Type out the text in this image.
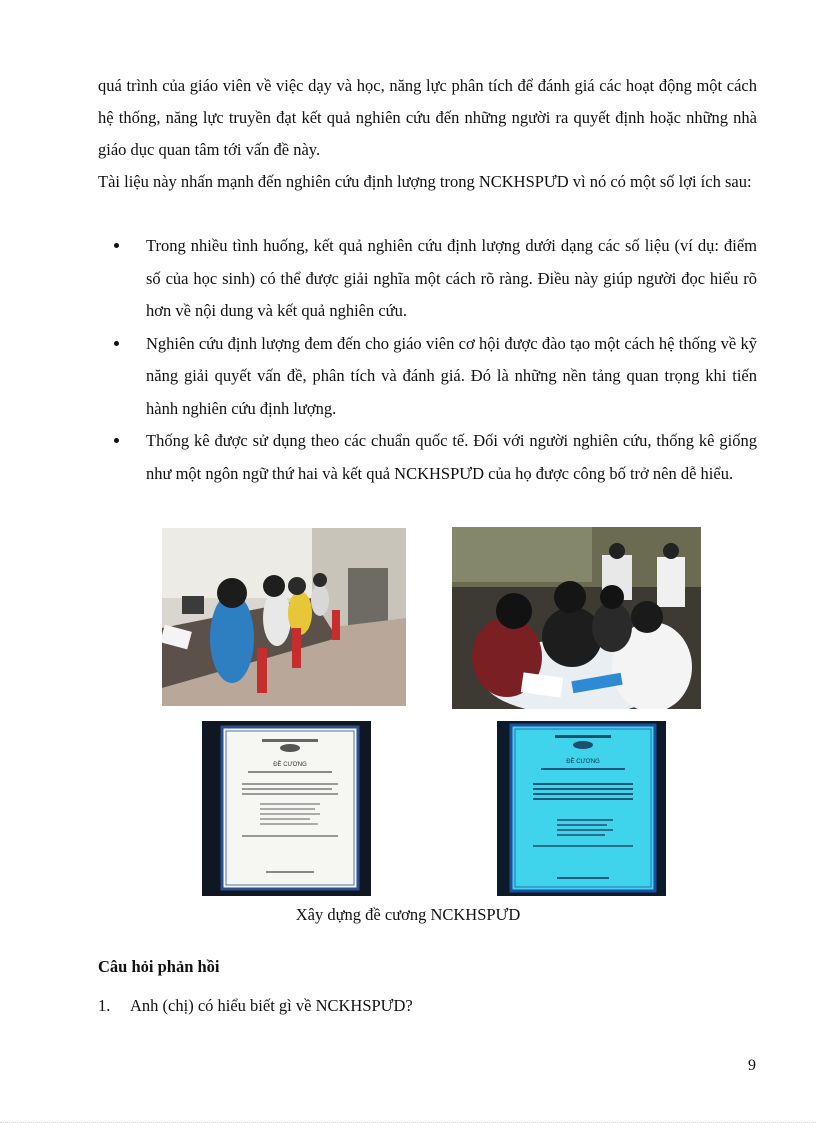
quá trình của giáo viên về việc dạy và học, năng lực phân tích để đánh giá các hoạt động một cách hệ thống, năng lực truyền đạt kết quả nghiên cứu đến những người ra quyết định hoặc những nhà giáo dục quan tâm tới vấn đề này.
Tài liệu này nhấn mạnh đến nghiên cứu định lượng trong NCKHSPƯD vì nó có một số lợi ích sau:
Trong nhiều tình huống, kết quả nghiên cứu định lượng dưới dạng các số liệu (ví dụ: điểm số của học sinh) có thể được giải nghĩa một cách rõ ràng. Điều này giúp người đọc hiểu rõ hơn về nội dung và kết quả nghiên cứu.
Nghiên cứu định lượng đem đến cho giáo viên cơ hội được đào tạo một cách hệ thống về kỹ năng giải quyết vấn đề, phân tích và đánh giá. Đó là những nền tảng quan trọng khi tiến hành nghiên cứu định lượng.
Thống kê được sử dụng theo các chuẩn quốc tế. Đối với người nghiên cứu, thống kê giống như một ngôn ngữ thứ hai và kết quả NCKHSPƯD của họ được công bố trở nên dễ hiểu.
ĐỀ CƯƠNG	ĐỀ CƯƠNG
Xây dựng đề cương NCKHSPƯD
Câu hỏi phản hồi
1. Anh (chị) có hiểu biết gì về NCKHSPƯD?
9
